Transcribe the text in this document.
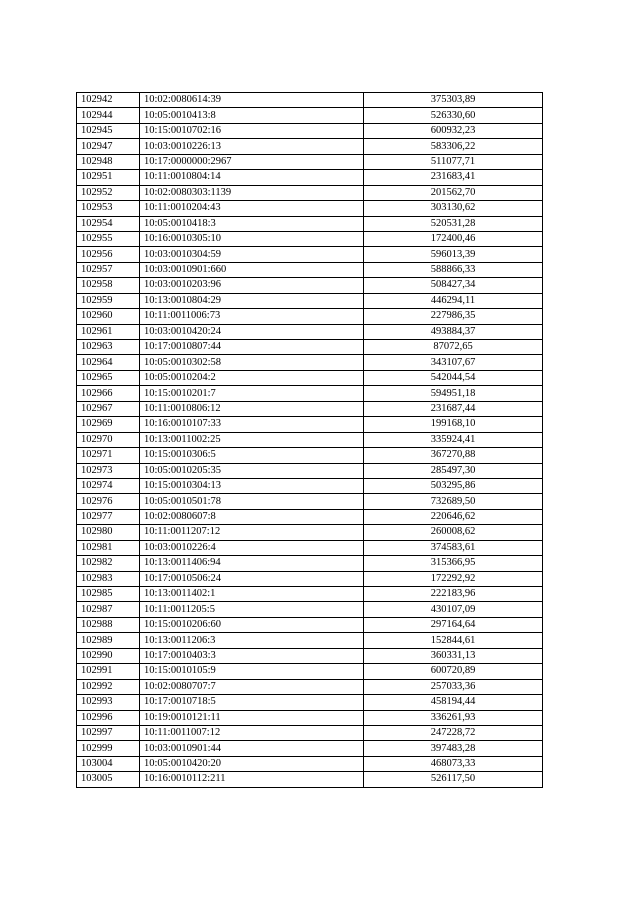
102942	10:02:0080614:39	375303,89
102944	10:05:0010413:8	526330,60
102945	10:15:0010702:16	600932,23
102947	10:03:0010226:13	583306,22
102948	10:17:0000000:2967	511077,71
102951	10:11:0010804:14	231683,41
102952	10:02:0080303:1139	201562,70
102953	10:11:0010204:43	303130,62
102954	10:05:0010418:3	520531,28
102955	10:16:0010305:10	172400,46
102956	10:03:0010304:59	596013,39
102957	10:03:0010901:660	588866,33
102958	10:03:0010203:96	508427,34
102959	10:13:0010804:29	446294,11
102960	10:11:0011006:73	227986,35
102961	10:03:0010420:24	493884,37
102963	10:17:0010807:44	87072,65
102964	10:05:0010302:58	343107,67
102965	10:05:0010204:2	542044,54
102966	10:15:0010201:7	594951,18
102967	10:11:0010806:12	231687,44
102969	10:16:0010107:33	199168,10
102970	10:13:0011002:25	335924,41
102971	10:15:0010306:5	367270,88
102973	10:05:0010205:35	285497,30
102974	10:15:0010304:13	503295,86
102976	10:05:0010501:78	732689,50
102977	10:02:0080607:8	220646,62
102980	10:11:0011207:12	260008,62
102981	10:03:0010226:4	374583,61
102982	10:13:0011406:94	315366,95
102983	10:17:0010506:24	172292,92
102985	10:13:0011402:1	222183,96
102987	10:11:0011205:5	430107,09
102988	10:15:0010206:60	297164,64
102989	10:13:0011206:3	152844,61
102990	10:17:0010403:3	360331,13
102991	10:15:0010105:9	600720,89
102992	10:02:0080707:7	257033,36
102993	10:17:0010718:5	458194,44
102996	10:19:0010121:11	336261,93
102997	10:11:0011007:12	247228,72
102999	10:03:0010901:44	397483,28
103004	10:05:0010420:20	468073,33
103005	10:16:0010112:211	526117,50
